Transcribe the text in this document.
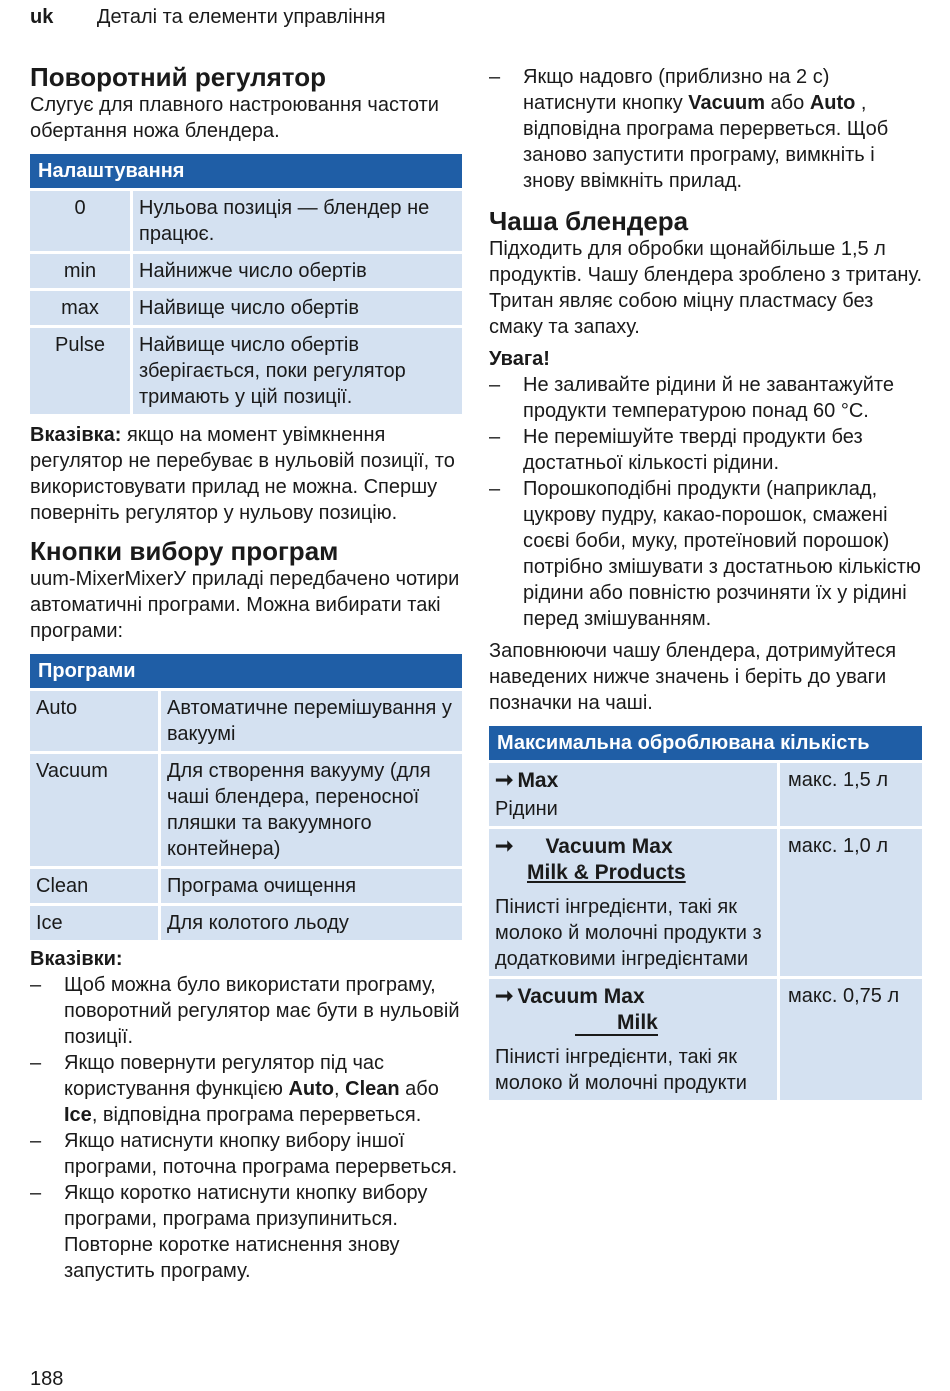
uk Деталі та елементи управління
Поворотний регулятор

Слугує для плавного настроювання частоти обертання ножа блендера.

Налаштування	
0	Нульова позиція — блендер не працює.
min	Найнижче число обертів
max	Найвище число обертів
Pulse	Найвище число обертів зберігається, поки регулятор тримають у цій позиції.

Вказівка: якщо на момент увімкнення регулятор не перебуває в нульовій позиції, то використовувати прилад не можна. Спершу поверніть регулятор у нульову позицію.

Кнопки вибору програм

uum-MixerMixerУ приладі передбачено чотири автоматичні програми. Можна вибирати такі програми:

Програми	
Auto	Автоматичне перемішування у вакуумі
Vacuum	Для створення вакууму (для чаші блендера, переносної пляшки та вакуумного контейнера)
Clean	Програма очищення
Ice	Для колотого льоду

Вказівки:

– Щоб можна було використати програму, поворотний регулятор має бути в нульовій позиції.
– Якщо повернути регулятор під час користування функцією Auto, Clean або Ice, відповідна програма перерветься.
– Якщо натиснути кнопку вибору іншої програми, поточна програма перерветься.
– Якщо коротко натиснути кнопку вибору програми, програма призупиниться. Повторне коротке натиснення знову запустить програму.
– Якщо надовго (приблизно на 2 с) натиснути кнопку Vacuum або Auto , відповідна програма перерветься. Щоб заново запустити програму, вимкніть і знову ввімкніть прилад.
Чаша блендера

Підходить для обробки щонайбільше 1,5 л продуктів. Чашу блендера зроблено з тритану. Тритан являє собою міцну пластмасу без смаку та запаху.

Увага!

– Не заливайте рідини й не завантажуйте продукти температурою понад 60 °C.
– Не перемішуйте тверді продукти без достатньої кількості рідини.
– Порошкоподібні продукти (наприклад, цукрову пудру, какао-порошок, смажені соєві боби, муку, протеїновий порошок) потрібно змішувати з достатньою кількістю рідини або повністю розчиняти їх у рідині перед змішуванням.

Заповнюючи чашу блендера, дотримуйтеся наведених нижче значень і беріть до уваги позначки на чаші.

Максимальна оброблювана кількість	
➞ Max
Рідини	макс. 1,5 л
➞ Vacuum Max
Milk & Products
Пінисті інгредієнти, такі як молоко й молочні продукти з додатковими інгредієнтами	макс. 1,0 л
➞ Vacuum Max
Milk
Пінисті інгредієнти, такі як молоко й молочні продукти	макс. 0,75 л
188
